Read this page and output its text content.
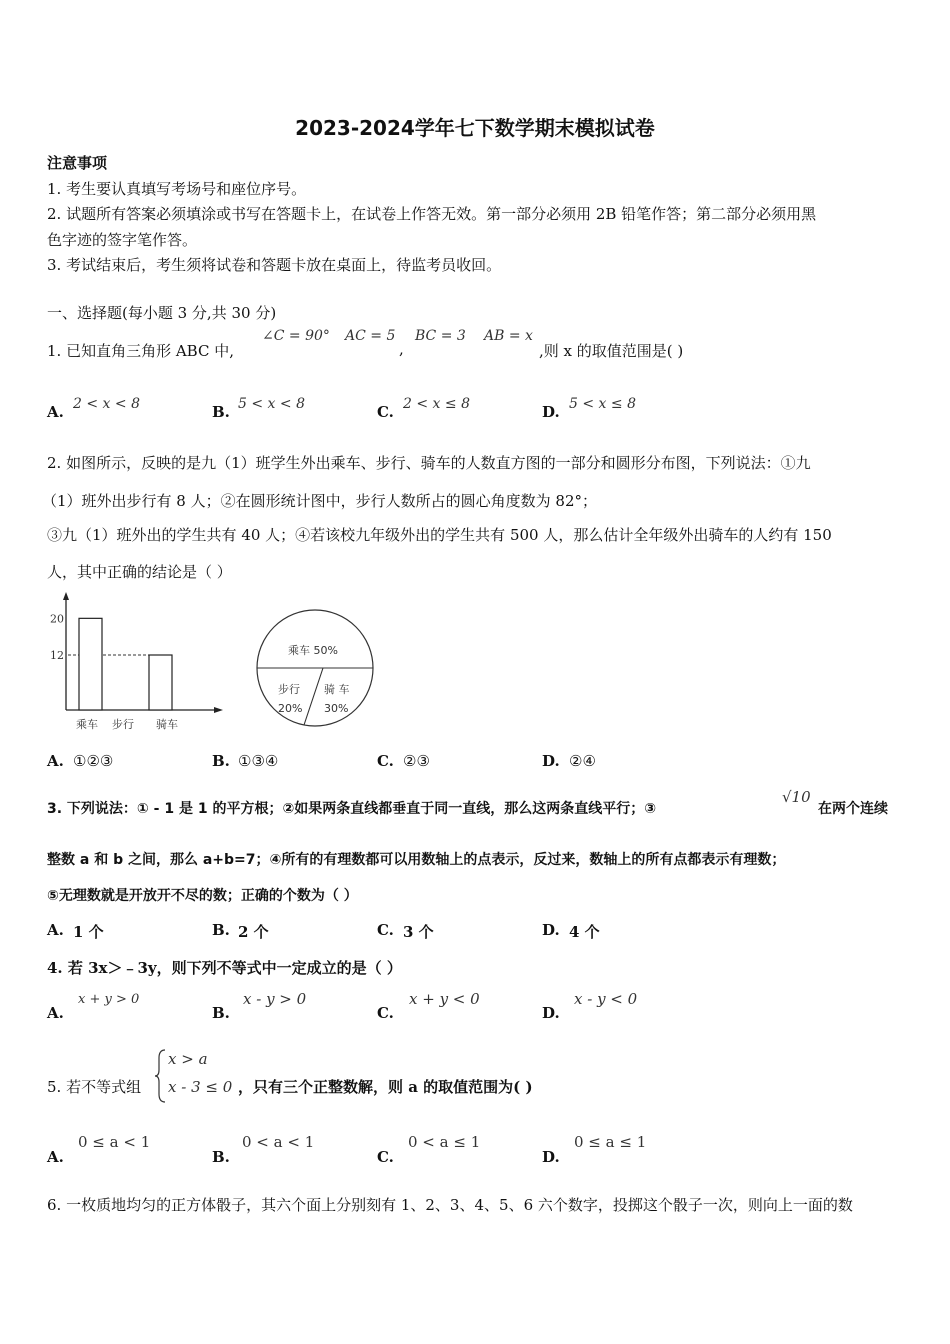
2023-2024学年七下数学期末模拟试卷
注意事项
1. 考生要认真填写考场号和座位序号。
2. 试题所有答案必须填涂或书写在答题卡上，在试卷上作答无效。第一部分必须用 2B 铅笔作答；第二部分必须用黑
色字迹的签字笔作答。
3. 考试结束后，考生须将试卷和答题卡放在桌面上，待监考员收回。
一、选择题(每小题 3 分,共 30 分)
1. 已知直角三角形 ABC 中,
∠C = 90° AC = 5
,
BC = 3 AB = x
,则 x 的取值范围是( )
A. 2 < x < 8	B. 5 < x < 8	C. 2 < x ≤ 8	D. 5 < x ≤ 8
2. 如图所示，反映的是九（1）班学生外出乘车、步行、骑车的人数直方图的一部分和圆形分布图，下列说法：①九
（1）班外出步行有 8 人；②在圆形统计图中，步行人数所占的圆心角度数为 82°；
③九（1）班外出的学生共有 40 人；④若该校九年级外出的学生共有 500 人，那么估计全年级外出骑车的人约有 150
人，其中正确的结论是（ ）
20
12
乘车 步行 骑车
乘车 50%
步行
20%
骑 车
30%
A. ①②③	B. ①③④	C. ②③	D. ②④
3. 下列说法：① - 1 是 1 的平方根；②如果两条直线都垂直于同一直线，那么这两条直线平行；③
√10
在两个连续
整数 a 和 b 之间，那么 a+b=7；④所有的有理数都可以用数轴上的点表示，反过来，数轴上的所有点都表示有理数；
⑤无理数就是开放开不尽的数；正确的个数为（ ）
A. 1 个	B. 2 个	C. 3 个	D. 4 个
4. 若 3x＞﹣3y，则下列不等式中一定成立的是（ ）
A.
x + y > 0
B.
x - y > 0
C.
x + y < 0
D.
x - y < 0
5. 若不等式组
x > a
x - 3 ≤ 0 ，只有三个正整数解，则 a 的取值范围为( )
A.
0 ≤ a < 1
B.
0 < a < 1
C.
0 < a ≤ 1
D.
0 ≤ a ≤ 1
6. 一枚质地均匀的正方体骰子，其六个面上分别刻有 1、2、3、4、5、6 六个数字，投掷这个骰子一次，则向上一面的数
